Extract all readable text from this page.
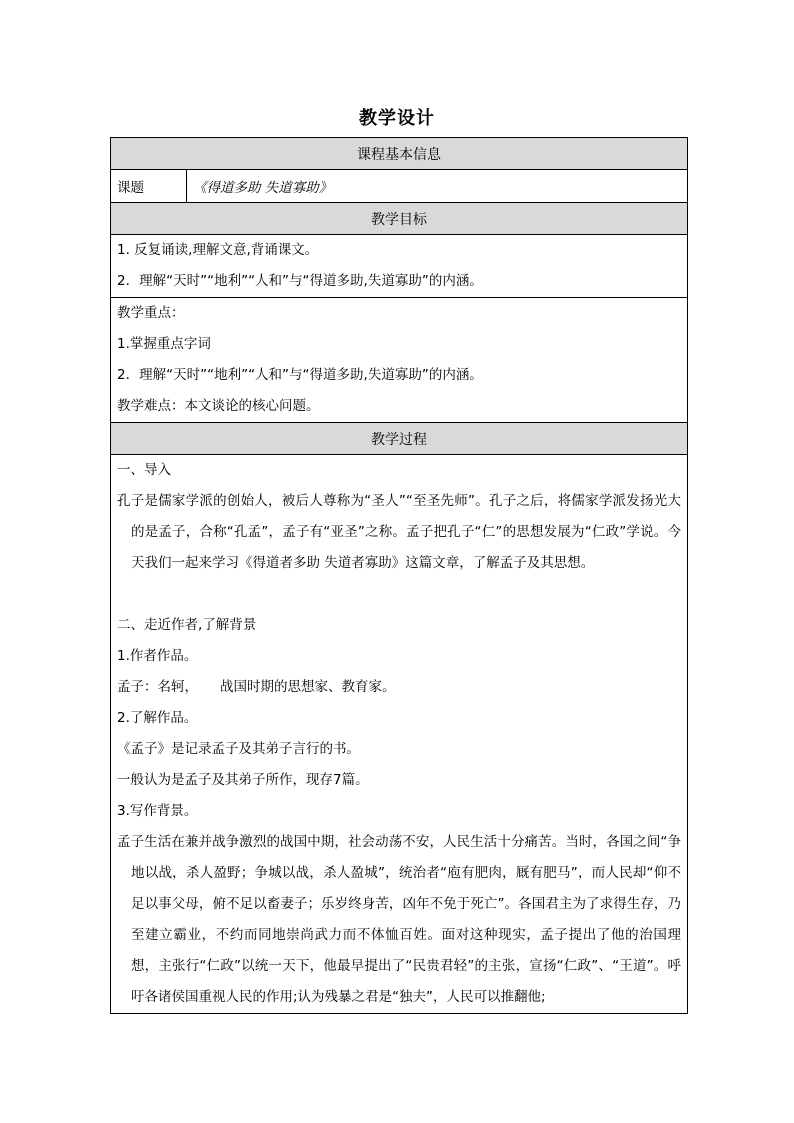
教学设计
课程基本信息
课题	《得道多助 失道寡助》
教学目标

1. 反复诵读,理解文意,背诵课文。
2．理解“天时”“地利”“人和”与“得道多助,失道寡助”的内涵。

教学重点：
1.掌握重点字词
2．理解“天时”“地利”“人和”与“得道多助,失道寡助”的内涵。
教学难点：本文谈论的核心问题。

教学过程

一、导入
孔子是儒家学派的创始人，被后人尊称为“圣人”“至圣先师”。孔子之后，将儒家学派发扬光大的是孟子，合称“孔孟”，孟子有“亚圣”之称。孟子把孔子“仁”的思想发展为“仁政”学说。今天我们一起来学习《得道者多助 失道者寡助》这篇文章，了解孟子及其思想。
二、走近作者,了解背景
1.作者作品。
孟子：名轲， 战国时期的思想家、教育家。
2.了解作品。
《孟子》是记录孟子及其弟子言行的书。
一般认为是孟子及其弟子所作，现存7篇。
3.写作背景。
孟子生活在兼并战争激烈的战国中期，社会动荡不安，人民生活十分痛苦。当时，各国之间“争地以战，杀人盈野；争城以战，杀人盈城”，统治者“庖有肥肉，厩有肥马”，而人民却“仰不足以事父母，俯不足以畜妻子；乐岁终身苦，凶年不免于死亡”。各国君主为了求得生存，乃至建立霸业，不约而同地崇尚武力而不体恤百姓。面对这种现实，孟子提出了他的治国理想，主张行“仁政”以统一天下，他最早提出了“民贵君轻”的主张，宣扬“仁政”、“王道”。呼吁各诸侯国重视人民的作用;认为残暴之君是“独夫”，人民可以推翻他;
